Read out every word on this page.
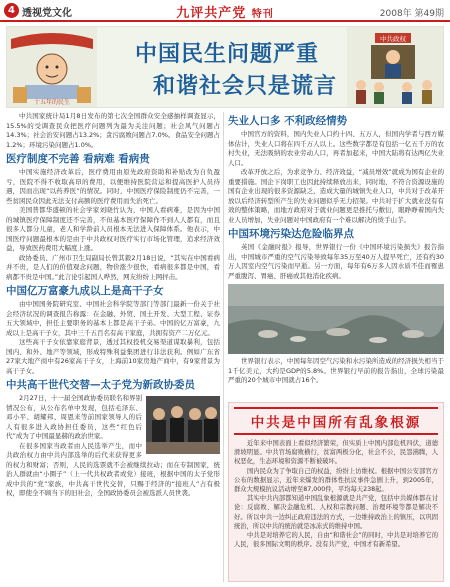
4 透视党文化	九评共产党 特刊	2008年 第49期
十五年的民生
中国民生问题严重
和谐社会只是谎言
中共政权

中共国家统计局1月8日发布的第七次全国群众安全感抽样调查显示，15.5%的受调查民众把医疗问题列为最为关注问题；社会风气问题占14.3%；社会治安问题占13.2%；贪污腐败问题占7.0%。食品安全问题占1.2%；环境污染问题占1.0%。

医疗制度不完善 看病难 看病贵

中国实施经济改革后，医疗费用由原先政府资助和补贴改为自负盈亏，医院不得不收取高昂的费用，以便维持医院营运和提高医护人员待遇，因而出现“以药养医”的情况。同时，中国医疗保险制度仍不完善，一些贫困民众因此无法支付高额的医疗费用而失治死亡。

美国普都华盛顿的社会学家刘晓竹认为，中国人看病难，是因为中国的城镇医疗保障制度还不完善，不但基本医疗保障作不到人人都有，而且很多人都分儿童，老人和学龄前人员根本无法进入保障体系。他表示，中国医疗问题最根本的是由于中共政权对医疗实行市场化管理，追求经济效益，导致医药费用大幅度上涨。

政协委员、广州市卫生局副局长曾其毅2月18日说，“其实在中国看病并不贵，是人们的价值观念问题，物价涨少很快，看病很多都是中国，看病都不贵是中国。”此言论引起国人哗然，网友纷纷上网抨击。

中国亿万富豪九成以上是高干子女

由中国国务院研究室、中国社会科学院等部门等部门最新一份关于社会经济状况的调查报告称露：在金融、外贸、国土开发、大型工程、证券五大领域中，担任主要职务的基本上都是高干子弟。中国的亿万富豪，九成以上是高干子女，其中三千五百名有高干家庭，共拥有资产二万亿元。

这些高干子女依靠家庭背景，透过其权投机交易渠道谋取暴利，包括国内、和外、地产等领域，形成特殊利益集团进行非法获利。例如广东省27家大地产商中有26家高干子女，上海前10家房地产商中，有9家背景为高干子女。

中共高干世代交替—太子党为新政协委员

2月27日，十一届全国政协委员联名和界别情况公布，从公布名单中发现，包括毛泽东、邓小平、胡耀邦、周恩来等前国家领导人的后人有很多进入政协担任委员，这些“红色后代”成为了中国最显赫的政治世家。

在很多国家当政者由人民选举产生，而中共政治权力由中共内部选举的后代来获得更多的权力和财富；否则，人民的选票就不会被继续拉动；而在专制国家，统治人群就由“小圈子”（上一代共权政者或党）接班，根据中国的太子党形成中共的“党”家族，中共高干世代交替，只赐于经济的“接班人”占有极权，即使全不顾当下的旧社会，全国政协委员会被选派人员世袭。

失业人口多 不利政经情势

中国官方的资料，国内失业人口约十四、五万人，但国内学者与西方媒体估计，失业人口将在四千万人以上。这些数字都是有包括一亿五千万的农村失业，无法吸纳的农业劳动人口，再者加起来，中国大陆将有达两亿失业人口。

改革开放之后，为求竞争力、经济效益，“减员增效”就成为国有企业的重要措施。国企下岗职工也因此持续释放出来，同时地、不符合资源设施的国有企业出现的很多资源缺乏，造成大量的城镇失业人口，中共对于改革开放以后经济转型所产生的失业问题似乎无力招架。中共对于扩大就业没有有效的整体策略，而地方政府对于就业问题更是推托与敷衍，眼睁睁着国内失业人员增加，失业问题对中国政府有一个难以解决的烫手山芋。

中国环境污染达危险临界点

英国《金融时报》报导，世界银行一份《中国环境污染损失》报告指出，中国城市严重的空气污染导致每年35万至40万人提早死亡，还有约30万人因室内空气污染而早逝。另一方面，每年有6万多人因水质不佳而罹患严重腹泻、胃癌、肝癌或其他消化疾病。

世界银行表示，中国每年因空气污染和水污染所造成的经济损失相当于1千亿美元，大约是GDP的5.8%。世界银行早前的报告指出，全球污染最严重的20个城市中国就占16个。

中共是中国所有乱象根源

近年来中国表面上看似经济繁荣，但实质上中国内部危机四伏，道德滑坡明显。中共官场腐败横行，贫富两极分化，社会不公，民怨沸腾，人权恶化，生态环境和资源不断被破坏。

国内民众为了争取自己的权益，纷纷上访维权。根据中国公安部官方公布的数据显示，近年来爆发的群体性抗议事件急剧上升，到2005年，群众大规模抗议活动增至87,000件，平均每天238起。

其实中共内部都知道中国乱象根源就是共产党，包括中共媒体都在讨论：反腐败、解决金融危机、人权和宗教问题、治理环境等都是解决不好。所以中共一边纠正政府违法的方式，一边维持政治上的镇压，以巩固统治，所以中共的统治就是冰冻式的维持中国。

中共是对培养它的人民，自由“和谐社会”的同时，中共是对培养它的人民，很多国际文明的秩序。没有共产党，中国才有新希望。
